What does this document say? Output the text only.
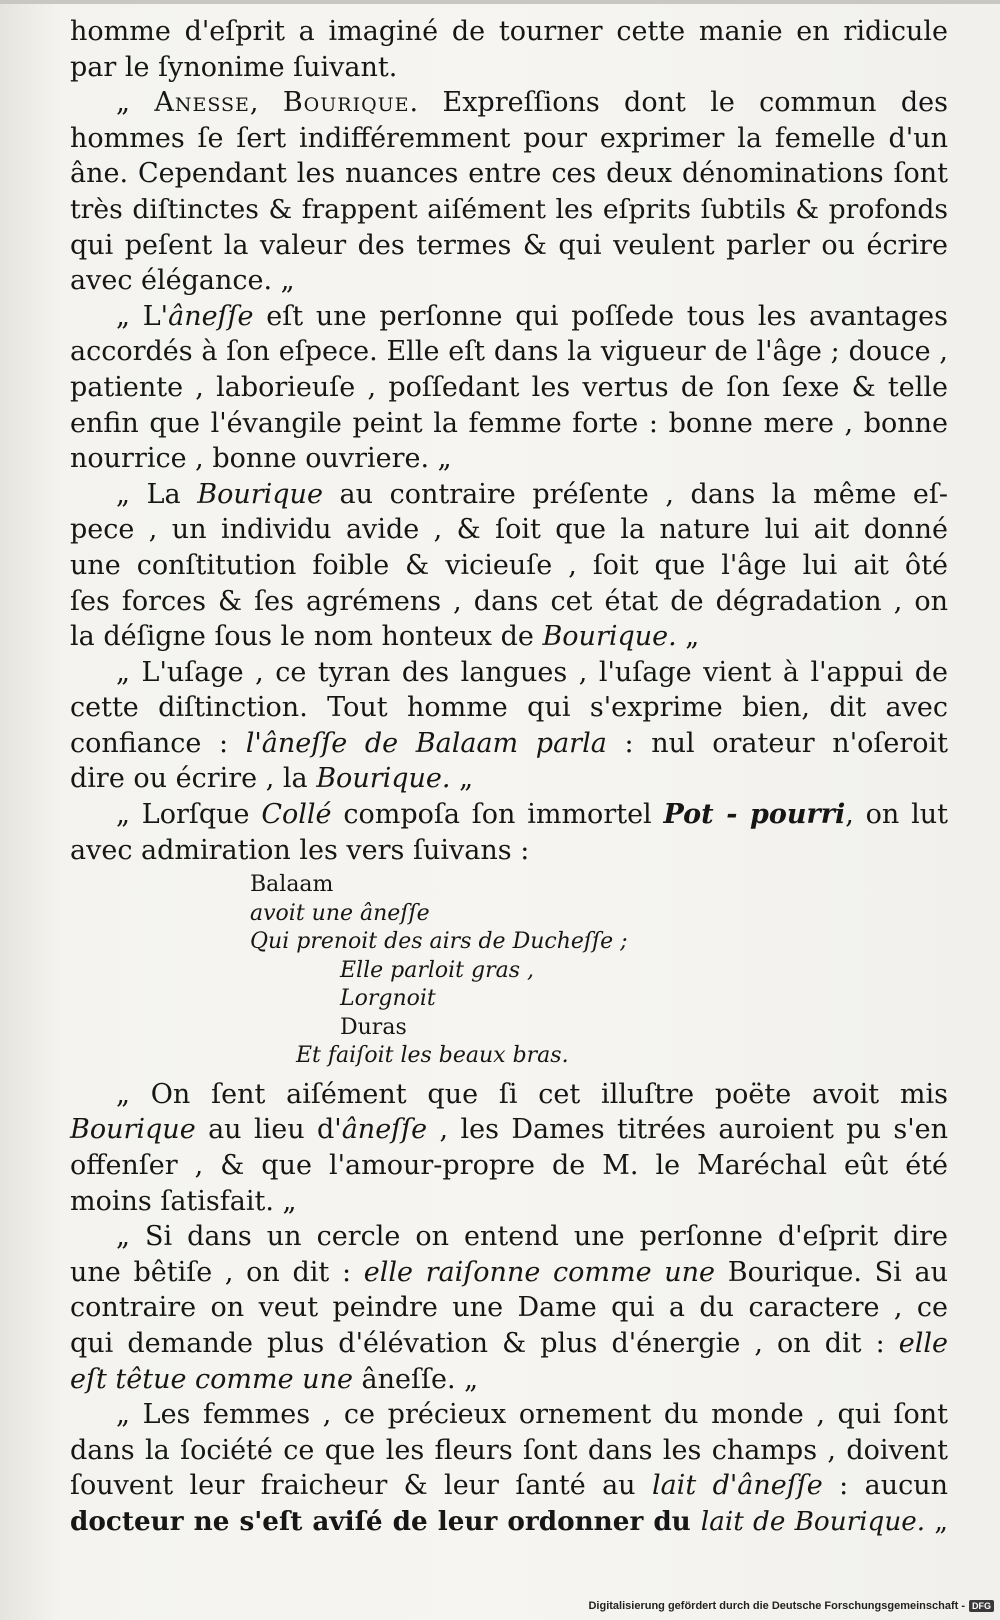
homme d'eſprit a imaginé de tourner cette manie en ridicule
par le ſynonime ſuivant.
„ Anesse, Bourique. Expreſſions dont le commun des
hommes ſe ſert indifféremment pour exprimer la femelle d'un
âne. Cependant les nuances entre ces deux dénominations ſont
très diſtinctes & frappent aiſément les eſprits ſubtils & profonds
qui peſent la valeur des termes & qui veulent parler ou écrire
avec élégance. „
„ L'âneſſe eſt une perſonne qui poſſede tous les avantages
accordés à ſon eſpece. Elle eſt dans la vigueur de l'âge ; douce ,
patiente , laborieuſe , poſſedant les vertus de ſon ſexe & telle
enfin que l'évangile peint la femme forte : bonne mere , bonne
nourrice , bonne ouvriere. „
„ La Bourique au contraire préſente , dans la même eſ-
pece , un individu avide , & ſoit que la nature lui ait donné
une conſtitution foible & vicieuſe , ſoit que l'âge lui ait ôté
ſes forces & ſes agrémens , dans cet état de dégradation , on
la déſigne ſous le nom honteux de Bourique. „
„ L'uſage , ce tyran des langues , l'uſage vient à l'appui de
cette diſtinction. Tout homme qui s'exprime bien, dit avec
confiance : l'âneſſe de Balaam parla : nul orateur n'oſeroit
dire ou écrire , la Bourique. „
„ Lorſque Collé compoſa ſon immortel Pot - pourri, on lut
avec admiration les vers ſuivans :
Balaam
avoit une âneſſe
Qui prenoit des airs de Ducheſſe ;
Elle parloit gras ,
Lorgnoit
Duras
Et faiſoit les beaux bras.
„ On ſent aiſément que ſi cet illuſtre poëte avoit mis
Bourique au lieu d'âneſſe , les Dames titrées auroient pu s'en
offenſer , & que l'amour-propre de M. le Maréchal eût été
moins ſatisfait. „
„ Si dans un cercle on entend une perſonne d'eſprit dire
une bêtiſe , on dit : elle raiſonne comme une Bourique. Si au
contraire on veut peindre une Dame qui a du caractere , ce
qui demande plus d'élévation & plus d'énergie , on dit : elle
eſt têtue comme une âneſſe. „
„ Les femmes , ce précieux ornement du monde , qui ſont
dans la ſociété ce que les fleurs ſont dans les champs , doivent
ſouvent leur fraicheur & leur ſanté au lait d'âneſſe : aucun
docteur ne s'eſt aviſé de leur ordonner du lait de Bourique. „
Digitalisierung gefördert durch die Deutsche Forschungsgemeinschaft - DFG
